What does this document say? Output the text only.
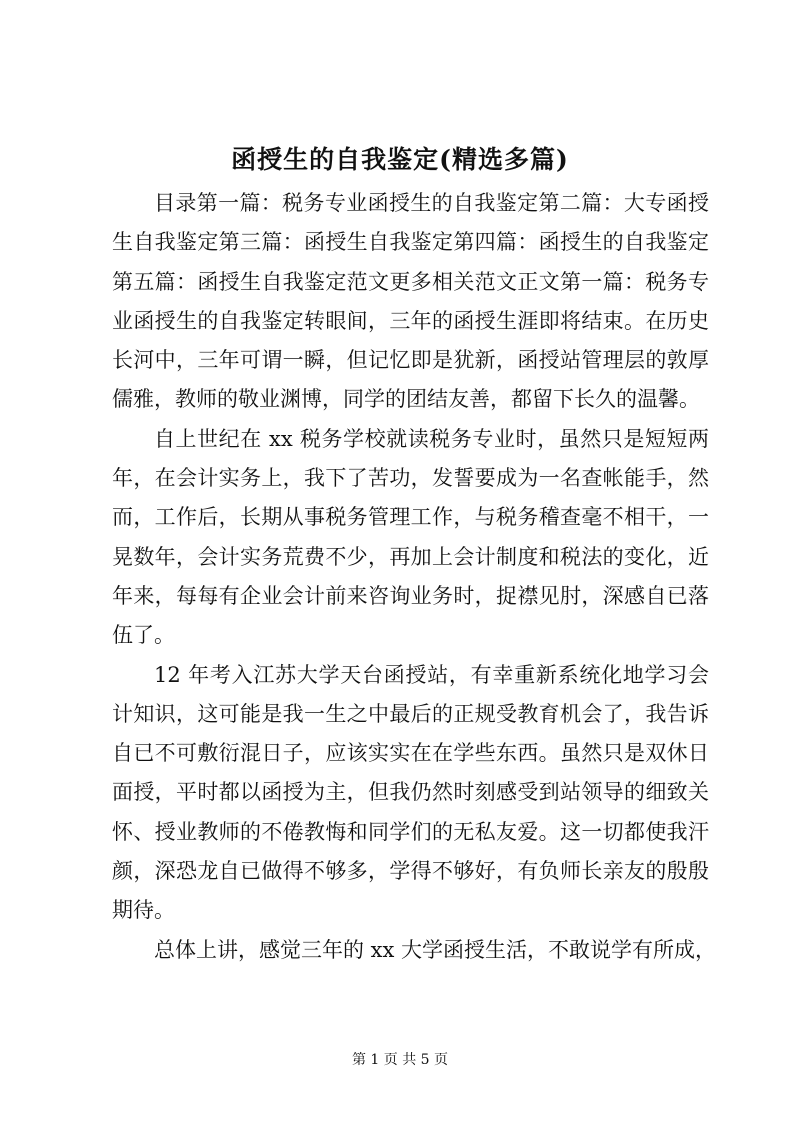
函授生的自我鉴定(精选多篇)

目录第一篇：税务专业函授生的自我鉴定第二篇：大专函授
生自我鉴定第三篇：函授生自我鉴定第四篇：函授生的自我鉴定
第五篇：函授生自我鉴定范文更多相关范文正文第一篇：税务专
业函授生的自我鉴定转眼间，三年的函授生涯即将结束。在历史
长河中，三年可谓一瞬，但记忆即是犹新，函授站管理层的敦厚
儒雅，教师的敬业渊博，同学的团结友善，都留下长久的温馨。

自上世纪在 xx 税务学校就读税务专业时，虽然只是短短两
年，在会计实务上，我下了苦功，发誓要成为一名查帐能手，然
而，工作后，长期从事税务管理工作，与税务稽查毫不相干，一
晃数年，会计实务荒费不少，再加上会计制度和税法的变化，近
年来，每每有企业会计前来咨询业务时，捉襟见肘，深感自已落
伍了。

12 年考入江苏大学天台函授站，有幸重新系统化地学习会
计知识，这可能是我一生之中最后的正规受教育机会了，我告诉
自已不可敷衍混日子，应该实实在在学些东西。虽然只是双休日
面授，平时都以函授为主，但我仍然时刻感受到站领导的细致关
怀、授业教师的不倦教悔和同学们的无私友爱。这一切都使我汗
颜，深恐龙自已做得不够多，学得不够好，有负师长亲友的殷殷
期待。

总体上讲，感觉三年的 xx 大学函授生活，不敢说学有所成，

第 1 页 共 5 页
